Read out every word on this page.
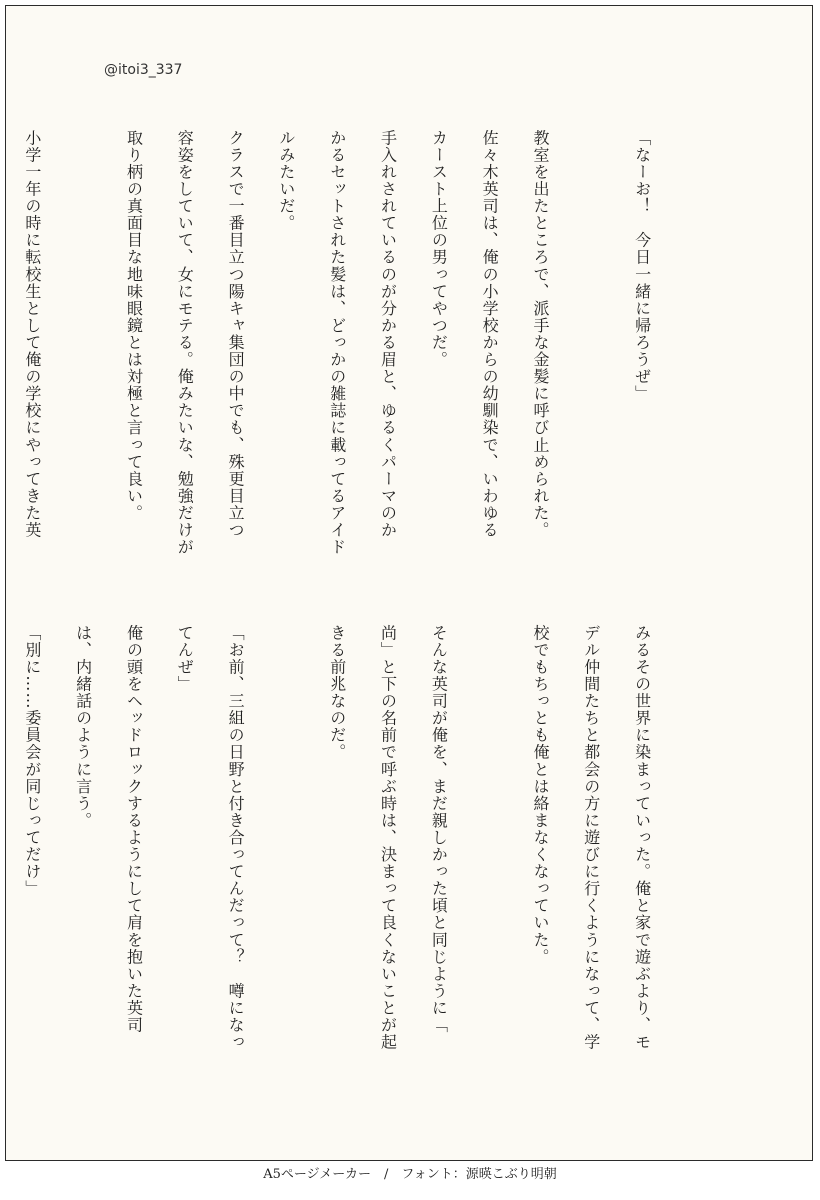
@itoi3_337

「なーお！　今日一緒に帰ろうぜ」

教室を出たところで、派手な金髪に呼び止められた。

佐々木英司は、俺の小学校からの幼馴染で、いわゆる

カースト上位の男ってやつだ。

手入れされているのが分かる眉と、ゆるくパーマのか

かるセットされた髪は、どっかの雑誌に載ってるアイド

ルみたいだ。

クラスで一番目立つ陽キャ集団の中でも、殊更目立つ

容姿をしていて、女にモテる。俺みたいな、勉強だけが

取り柄の真面目な地味眼鏡とは対極と言って良い。

小学一年の時に転校生として俺の学校にやってきた英

みるその世界に染まっていった。俺と家で遊ぶより、モ

デル仲間たちと都会の方に遊びに行くようになって、学

校でもちっとも俺とは絡まなくなっていた。

そんな英司が俺を、まだ親しかった頃と同じように「

尚」と下の名前で呼ぶ時は、決まって良くないことが起

きる前兆なのだ。

「お前、三組の日野と付き合ってんだって？　噂になっ

てんぜ」

俺の頭をヘッドロックするようにして肩を抱いた英司

は、内緒話のように言う。

「別に……委員会が同じってだけ」

A5ページメーカー　/　フォント：源暎こぶり明朝
